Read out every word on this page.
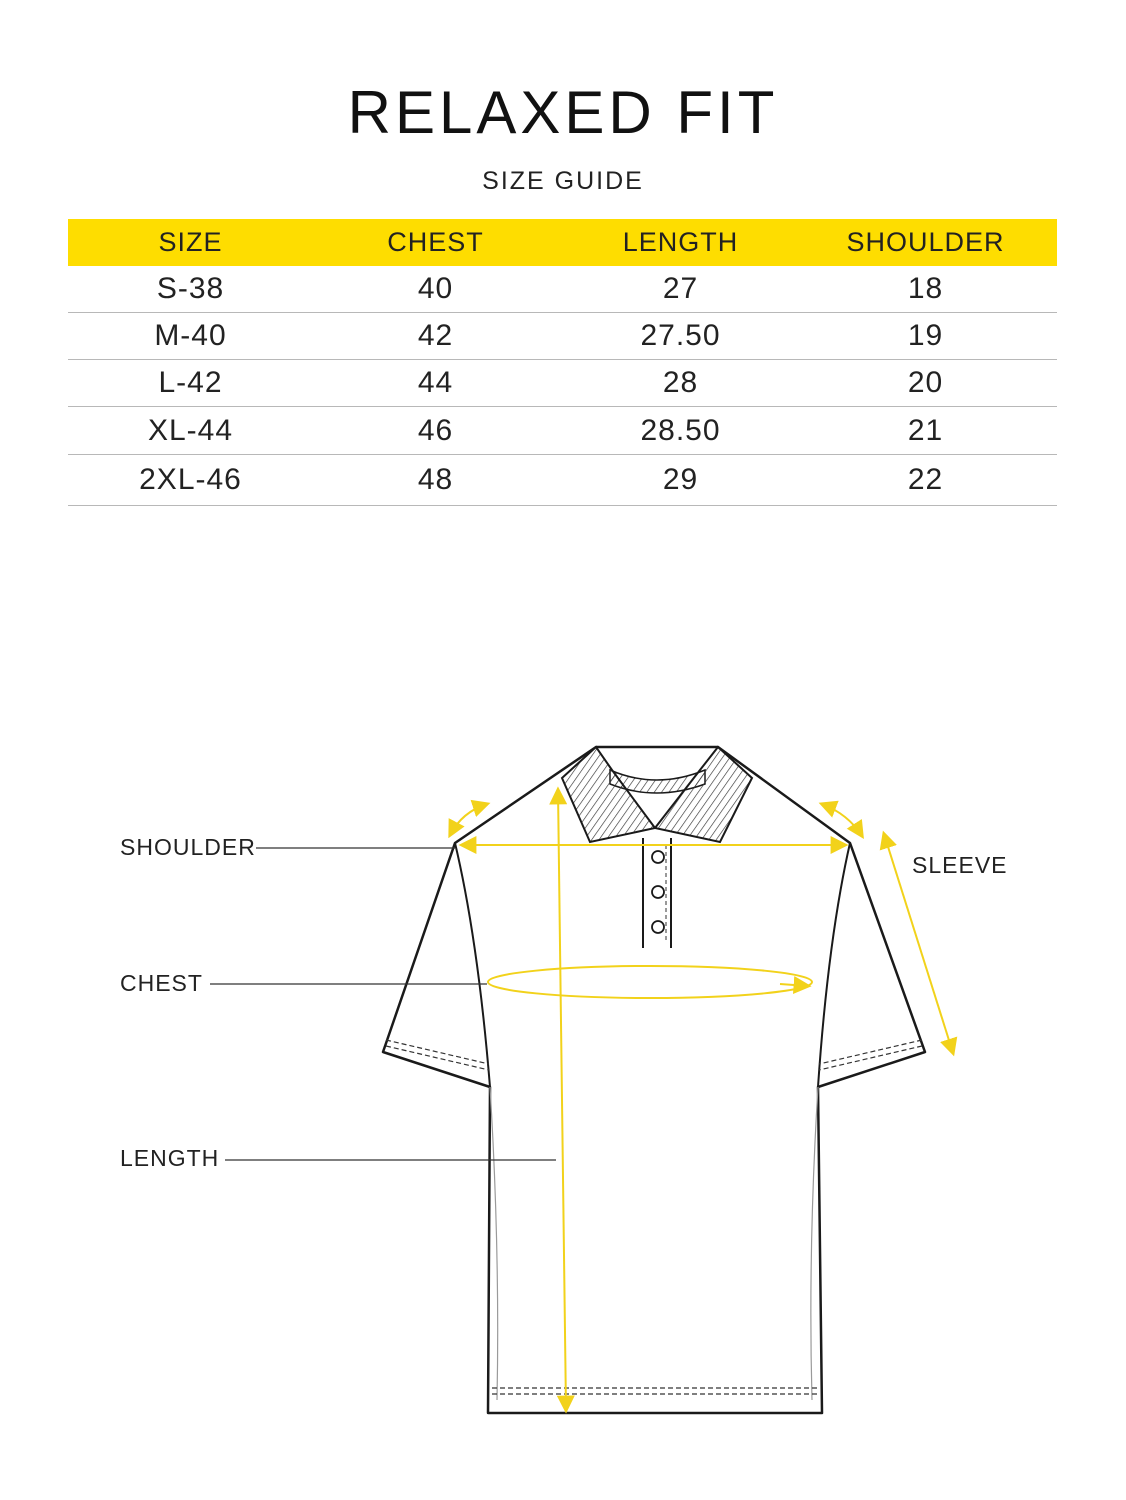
RELAXED FIT
SIZE GUIDE
SIZE	CHEST	LENGTH	SHOULDER
S-38	40	27	18
M-40	42	27.50	19
L-42	44	28	20
XL-44	46	28.50	21
2XL-46	48	29	22
SHOULDER
CHEST
LENGTH
SLEEVE
